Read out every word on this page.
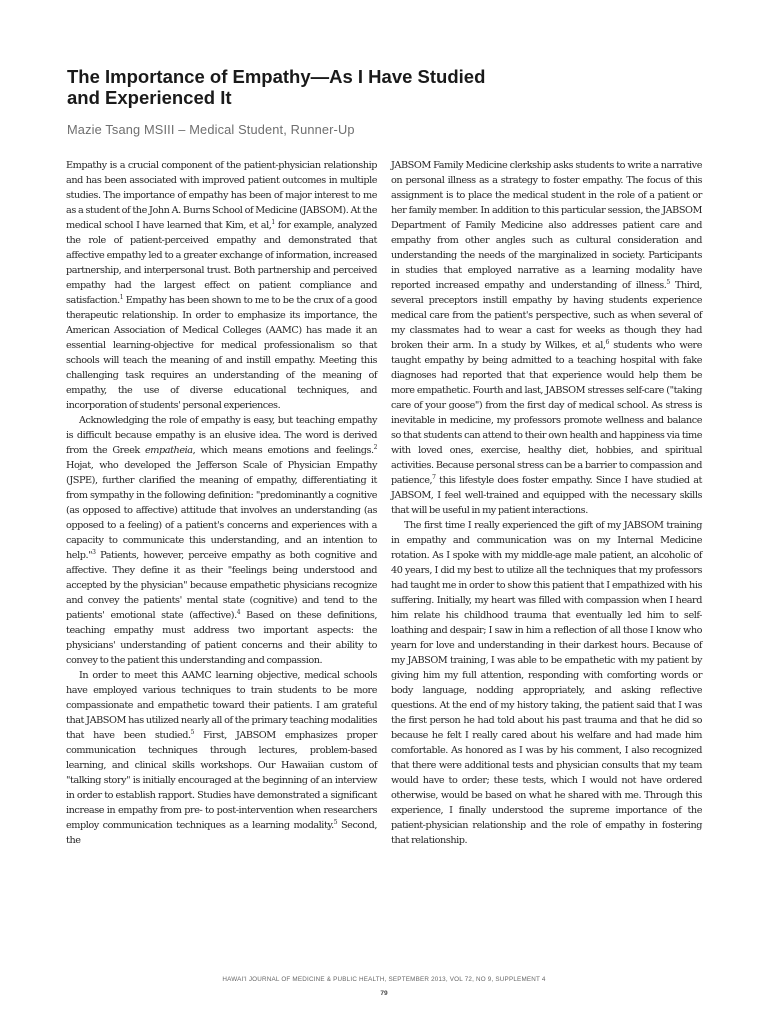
The Importance of Empathy—As I Have Studied
and Experienced It

Mazie Tsang MSIII – Medical Student, Runner-Up

Empathy is a crucial component of the patient-physician relationship and has been associated with improved patient outcomes in multiple studies. The importance of empathy has been of major interest to me as a student of the John A. Burns School of Medicine (JABSOM). At the medical school I have learned that Kim, et al,$^1$ for example, analyzed the role of patient-perceived empathy and demonstrated that affective empathy led to a greater exchange of information, increased partnership, and interpersonal trust. Both partnership and perceived empathy had the largest effect on patient compliance and satisfaction.$^1$ Empathy has been shown to me to be the crux of a good therapeutic relationship. In order to emphasize its importance, the American Association of Medical Colleges (AAMC) has made it an essential learning-objective for medical professionalism so that schools will teach the meaning of and instill empathy. Meeting this challenging task requires an understanding of the meaning of empathy, the use of diverse educational techniques, and incorporation of students' personal experiences.

Acknowledging the role of empathy is easy, but teaching empathy is difficult because empathy is an elusive idea. The word is derived from the Greek empatheia, which means emotions and feelings.$^2$ Hojat, who developed the Jefferson Scale of Physician Empathy (JSPE), further clarified the meaning of empathy, differentiating it from sympathy in the following definition: "predominantly a cognitive (as opposed to affective) attitude that involves an understanding (as opposed to a feeling) of a patient's concerns and experiences with a capacity to communicate this understanding, and an intention to help."$^3$ Patients, however, perceive empathy as both cognitive and affective. They define it as their "feelings being understood and accepted by the physician" because empathetic physicians recognize and convey the patients' mental state (cognitive) and tend to the patients' emotional state (affective).$^4$ Based on these definitions, teaching empathy must address two important aspects: the physicians' understanding of patient concerns and their ability to convey to the patient this understanding and compassion.

In order to meet this AAMC learning objective, medical schools have employed various techniques to train students to be more compassionate and empathetic toward their patients. I am grateful that JABSOM has utilized nearly all of the primary teaching modalities that have been studied.$^5$ First, JABSOM emphasizes proper communication techniques through lectures, problem-based learning, and clinical skills workshops. Our Hawaiian custom of "talking story" is initially encouraged at the beginning of an interview in order to establish rapport. Studies have demonstrated a significant increase in empathy from pre- to post-intervention when researchers employ communication techniques as a learning modality.$^5$ Second, the

JABSOM Family Medicine clerkship asks students to write a narrative on personal illness as a strategy to foster empathy. The focus of this assignment is to place the medical student in the role of a patient or her family member. In addition to this particular session, the JABSOM Department of Family Medicine also addresses patient care and empathy from other angles such as cultural consideration and understanding the needs of the marginalized in society. Participants in studies that employed narrative as a learning modality have reported increased empathy and understanding of illness.$^5$ Third, several preceptors instill empathy by having students experience medical care from the patient's perspective, such as when several of my classmates had to wear a cast for weeks as though they had broken their arm. In a study by Wilkes, et al,$^6$ students who were taught empathy by being admitted to a teaching hospital with fake diagnoses had reported that that experience would help them be more empathetic. Fourth and last, JABSOM stresses self-care ("taking care of your goose") from the first day of medical school. As stress is inevitable in medicine, my professors promote wellness and balance so that students can attend to their own health and happiness via time with loved ones, exercise, healthy diet, hobbies, and spiritual activities. Because personal stress can be a barrier to compassion and patience,$^7$ this lifestyle does foster empathy. Since I have studied at JABSOM, I feel well-trained and equipped with the necessary skills that will be useful in my patient interactions.

The first time I really experienced the gift of my JABSOM training in empathy and communication was on my Internal Medicine rotation. As I spoke with my middle-age male patient, an alcoholic of 40 years, I did my best to utilize all the techniques that my professors had taught me in order to show this patient that I empathized with his suffering. Initially, my heart was filled with compassion when I heard him relate his childhood trauma that eventually led him to self-loathing and despair; I saw in him a reflection of all those I know who yearn for love and understanding in their darkest hours. Because of my JABSOM training, I was able to be empathetic with my patient by giving him my full attention, responding with comforting words or body language, nodding appropriately, and asking reflective questions. At the end of my history taking, the patient said that I was the first person he had told about his past trauma and that he did so because he felt I really cared about his welfare and had made him comfortable. As honored as I was by his comment, I also recognized that there were additional tests and physician consults that my team would have to order; these tests, which I would not have ordered otherwise, would be based on what he shared with me. Through this experience, I finally understood the supreme importance of the patient-physician relationship and the role of empathy in fostering that relationship.

HAWAI'I JOURNAL OF MEDICINE & PUBLIC HEALTH, SEPTEMBER 2013, VOL 72, NO 9, SUPPLEMENT 4
79
